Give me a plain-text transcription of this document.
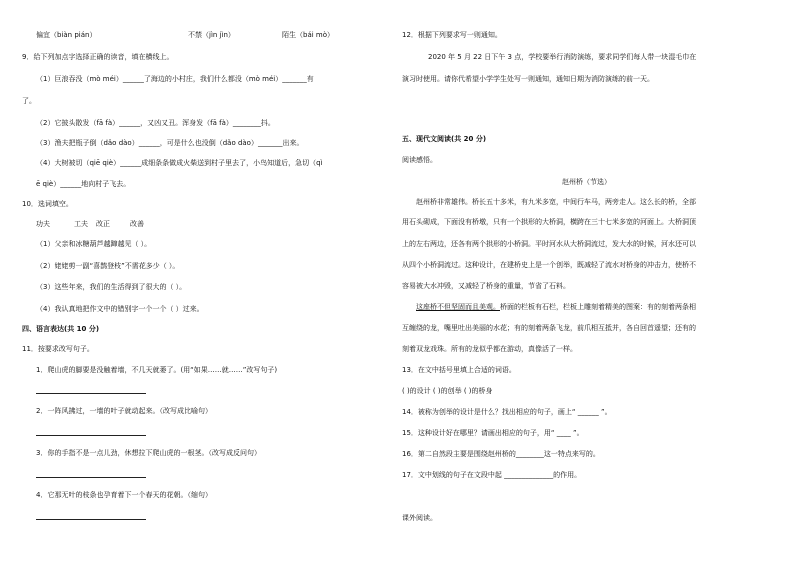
偏宜（biàn pián）	不禁（jìn jìn）	陌生（bái mò）
9．给下列加点字选择正确的读音，填在横线上。
（1）巨浪吞没（mò méi）______了海边的小村庄，我们什么都没（mò méi）_______有
了。
（2）它披头散发（fā fà）______，又凶又丑。浑身发（fā fà）________抖。
（3）渔夫把瓶子倒（dǎo dào）______，可是什么也没倒（dǎo dào）_______出来。
（4）大树被切（qiē qiè）______成细条条做成火柴送到村子里去了，小鸟知道后，急切（qì
ē qiè）______地向村子飞去。
10．选词填空。
功夫	工夫 改正	改善
（1）父亲和冰糖葫芦越蹿越见（ ）。
（2）姥姥剪一副“喜鹊登枝”不需花多少（ ）。
（3）这些年来，我们的生活得到了很大的（ ）。
（4）我认真地把作文中的错别字一个一个（ ）过来。
四、语言表达(共 10 分)
11．按要求改写句子。
1．爬山虎的脚要是没触着墙，不几天就萎了。(用“如果……就……”改写句子)
2．一阵风拂过，一墙的叶子就动起来。（改写成比喻句）
3．你的手指不是一点儿劲，休想拉下爬山虎的一根茎。（改写成反问句）
4．它那无叶的枝条也孕育着下一个春天的花朝。（缩句）
12．根据下列要求写一则通知。
2020 年 5 月 22 日下午 3 点，学校要举行消防演练，要求同学们每人带一块湿毛巾在
演习时使用。请你代希望小学学生处写一则通知，通知日期为消防演练的前一天。
五、现代文阅读(共 20 分)
阅读感悟。
赵州桥（节选）
赵州桥非常雄伟。桥长五十多米，有九米多宽，中间行车马，两旁走人。这么长的桥，全部
用石头砌成，下面没有桥墩，只有一个拱形的大桥洞，横跨在三十七米多宽的河面上。大桥洞顶
上的左右两边，还各有两个拱形的小桥洞。平时河水从大桥洞流过，发大水的时候，河水还可以
从四个小桥洞流过。这种设计，在建桥史上是一个创举，既减轻了流水对桥身的冲击力，使桥不
容易被大水冲毁，又减轻了桥身的重量，节省了石料。
这座桥不但坚固而且美观。桥面的栏板有石栏，栏板上雕刻着精美的图案：有的刻着两条相
互缠绕的龙，嘴里吐出美丽的水花；有的刻着两条飞龙，前爪相互抵并，各自回首遥望；还有的
刻着双龙戏珠。所有的龙似乎都在游动，真像活了一样。
13．在文中括号里填上合适的词语。
( )的设计 ( )的创举 ( )的桥身
14．被称为创举的设计是什么？找出相应的句子，画上“ ______ ”。
15．这种设计好在哪里？请画出相应的句子，用“ ____ ”。
16．第二自然段主要是围绕赵州桥的________这一特点来写的。
17．文中划线的句子在文段中起 ______________的作用。
课外阅读。
